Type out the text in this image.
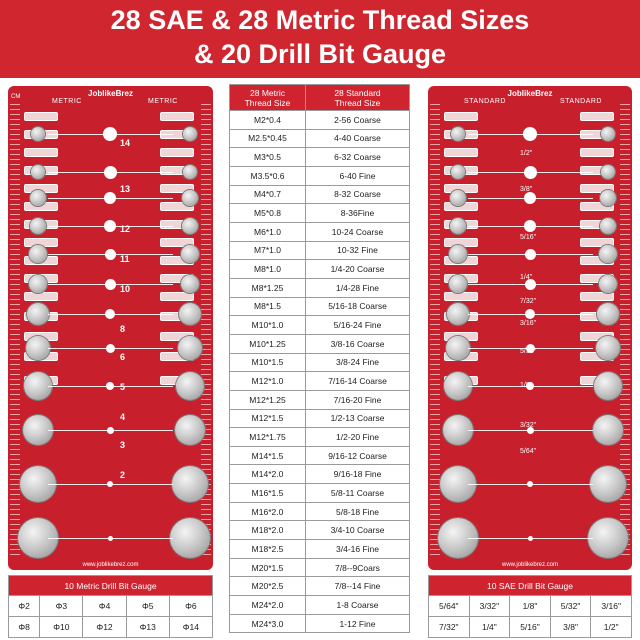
28 SAE & 28 Metric Thread Sizes
& 20 Drill Bit Gauge
CM	JoblikeBrez
METRIC	METRIC
www.joblikebrez.com
14
13
12
11
10
8
6
5
4
3
2
JoblikeBrez
STANDARD	STANDARD
www.joblikebrez.com
1/2"
3/8"
5/16"
1/4"
7/32"
3/16"
5/32"
1/8"
3/32"
5/64"
28 Metric
Thread Size	28 Standard
Thread Size
M2*0.4	2-56 Coarse
M2.5*0.45	4-40 Coarse
M3*0.5	6-32 Coarse
M3.5*0.6	6-40 Fine
M4*0.7	8-32 Coarse
M5*0.8	8-36Fine
M6*1.0	10-24 Coarse
M7*1.0	10-32 Fine
M8*1.0	1/4-20 Coarse
M8*1.25	1/4-28 Fine
M8*1.5	5/16-18 Coarse
M10*1.0	5/16-24 Fine
M10*1.25	3/8-16 Coarse
M10*1.5	3/8-24 Fine
M12*1.0	7/16-14 Coarse
M12*1.25	7/16-20 Fine
M12*1.5	1/2-13 Coarse
M12*1.75	1/2-20 Fine
M14*1.5	9/16-12 Coarse
M14*2.0	9/16-18 Fine
M16*1.5	5/8-11 Coarse
M16*2.0	5/8-18 Fine
M18*2.0	3/4-10 Coarse
M18*2.5	3/4-16 Fine
M20*1.5	7/8--9Coars
M20*2.5	7/8--14 Fine
M24*2.0	1-8 Coarse
M24*3.0	1-12 Fine
10 Metric Drill Bit Gauge				
Φ2	Φ3	Φ4	Φ5	Φ6
Φ8	Φ10	Φ12	Φ13	Φ14
10 SAE Drill Bit Gauge				
5/64"	3/32"	1/8"	5/32"	3/16"
7/32"	1/4"	5/16"	3/8"	1/2"
